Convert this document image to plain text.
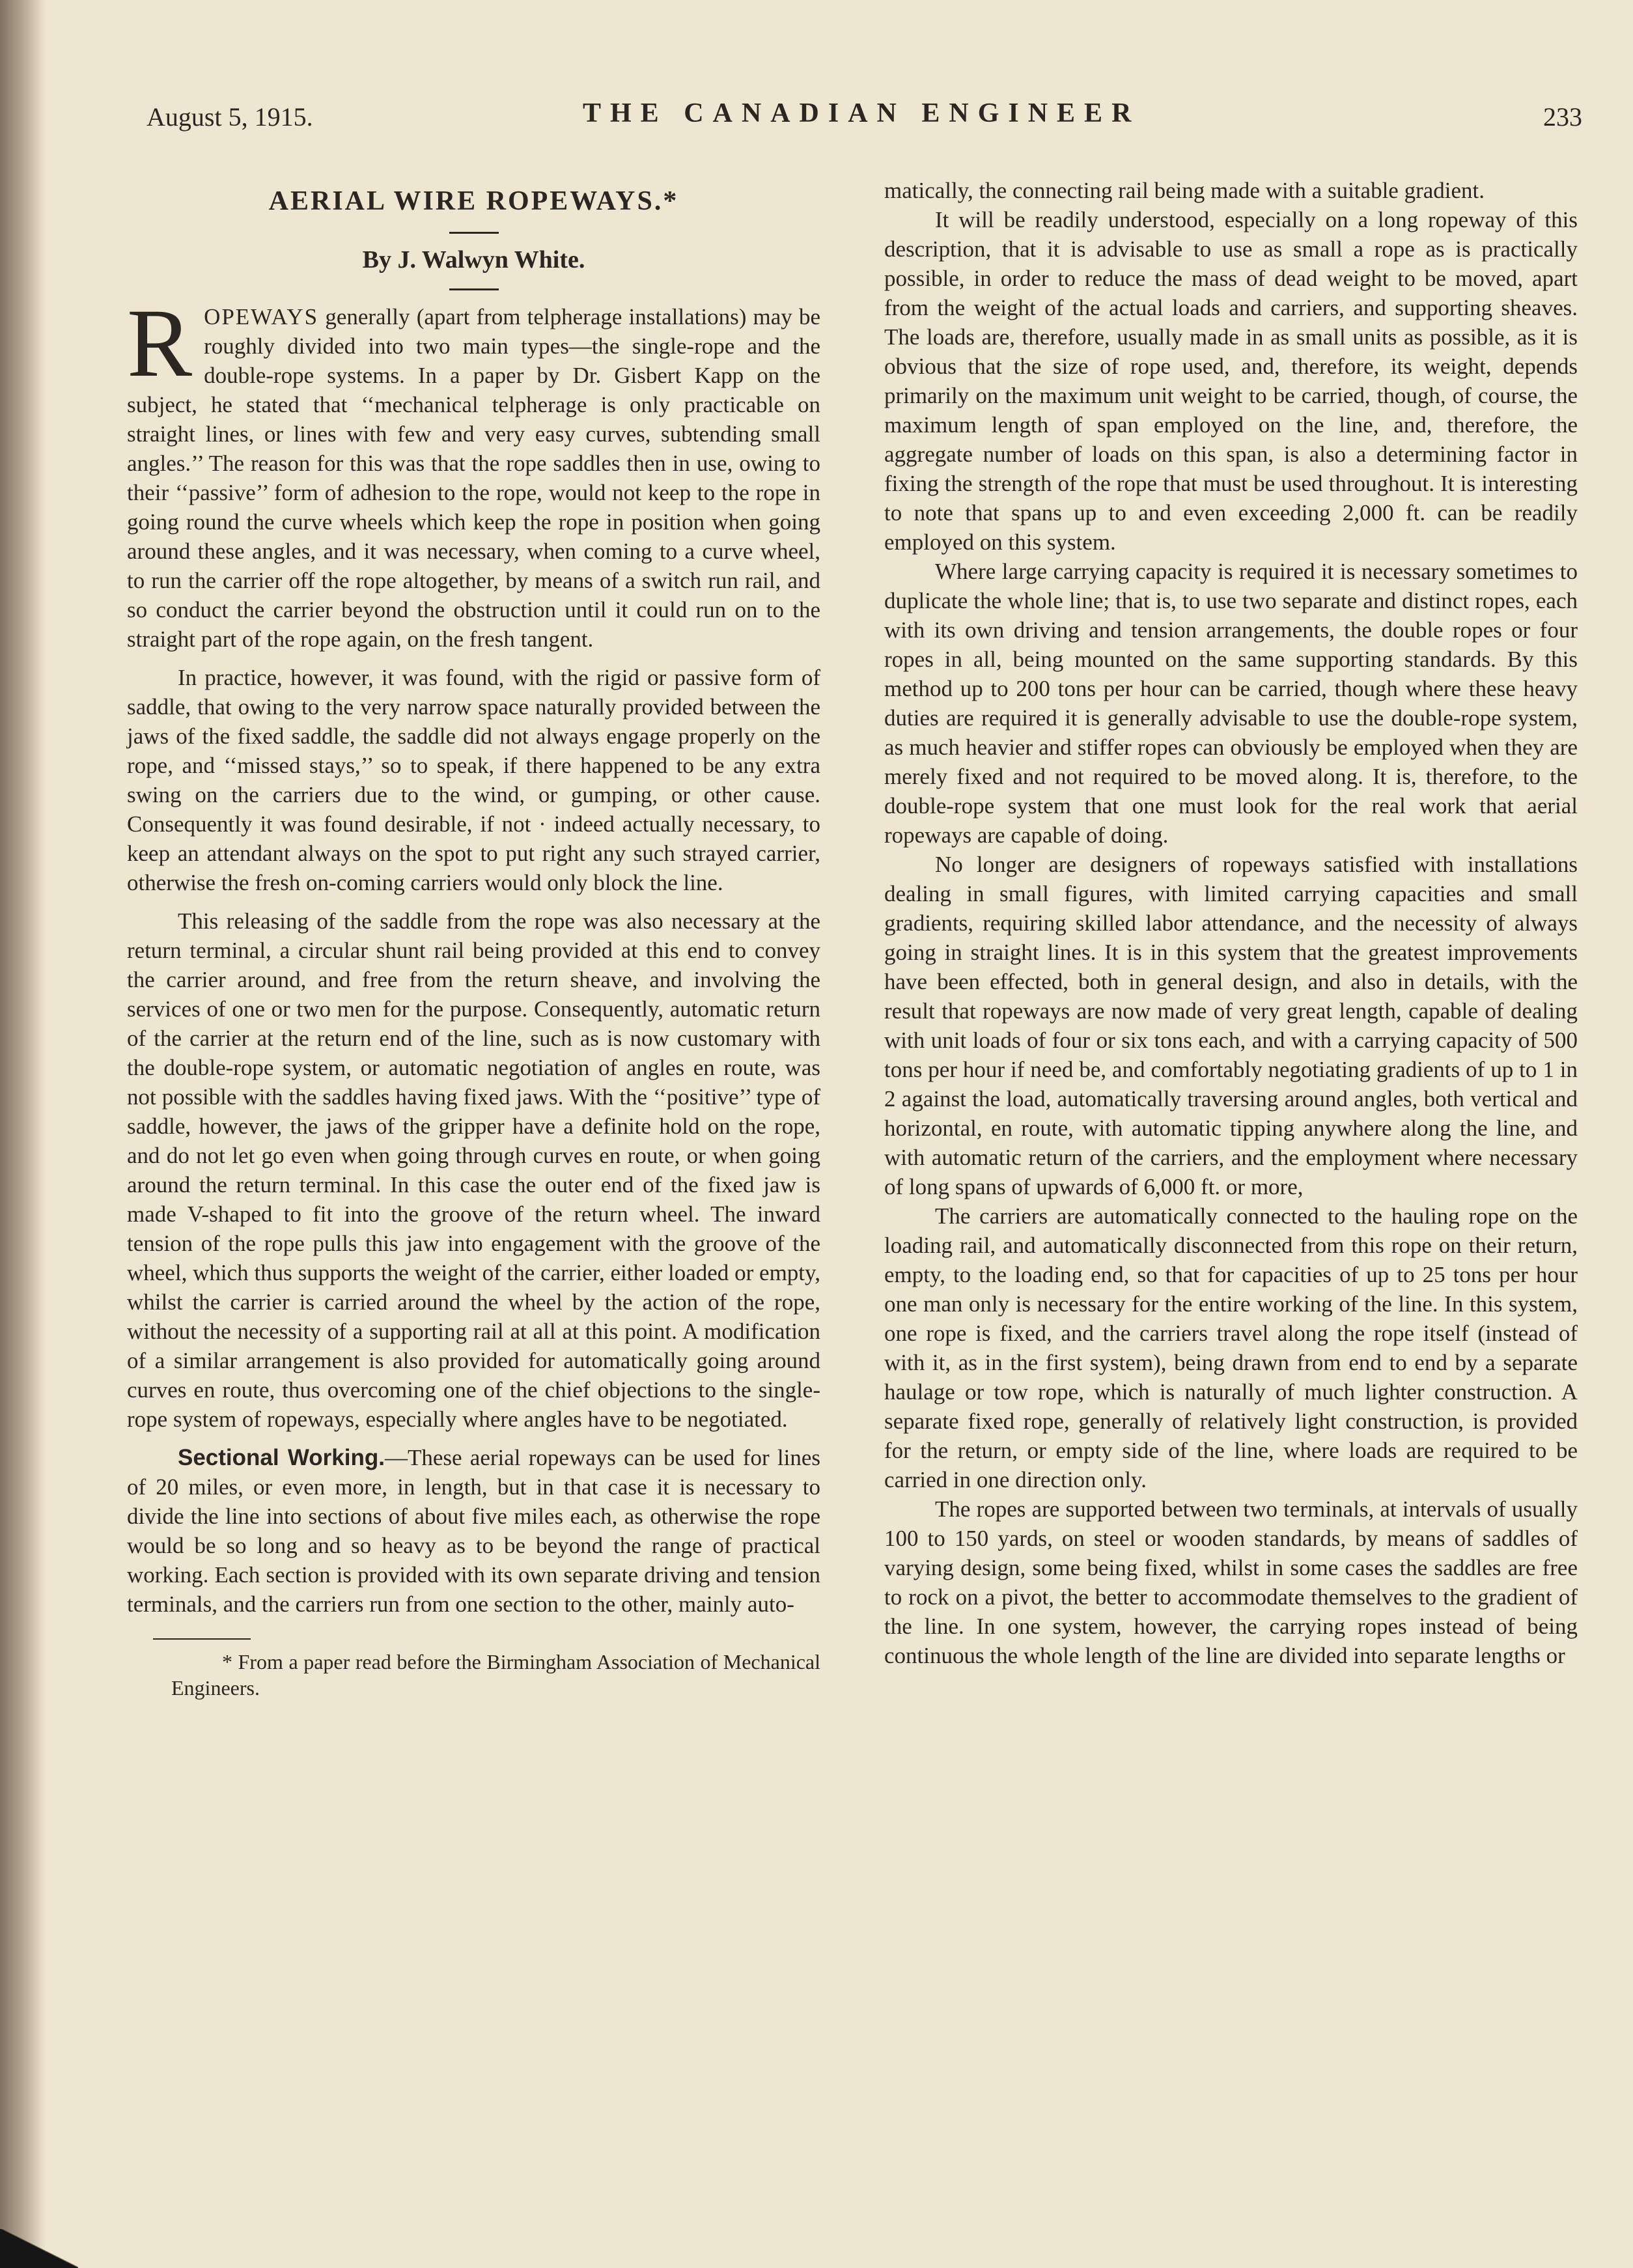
August 5, 1915.	THE CANADIAN ENGINEER	233
AERIAL WIRE ROPEWAYS.*
By J. Walwyn White.

ROPEWAYS generally (apart from telpherage installations) may be roughly divided into two main types—the single-rope and the double-rope systems. In a paper by Dr. Gisbert Kapp on the subject, he stated that ‘‘mechanical telpherage is only practicable on straight lines, or lines with few and very easy curves, subtending small angles.’’ The reason for this was that the rope saddles then in use, owing to their ‘‘passive’’ form of adhesion to the rope, would not keep to the rope in going round the curve wheels which keep the rope in position when going around these angles, and it was necessary, when coming to a curve wheel, to run the carrier off the rope altogether, by means of a switch run rail, and so conduct the carrier beyond the obstruction until it could run on to the straight part of the rope again, on the fresh tangent.

In practice, however, it was found, with the rigid or passive form of saddle, that owing to the very narrow space naturally provided between the jaws of the fixed saddle, the saddle did not always engage properly on the rope, and ‘‘missed stays,’’ so to speak, if there happened to be any extra swing on the carriers due to the wind, or gumping, or other cause. Consequently it was found desirable, if not · indeed actually necessary, to keep an attendant always on the spot to put right any such strayed carrier, otherwise the fresh on-coming carriers would only block the line.

This releasing of the saddle from the rope was also necessary at the return terminal, a circular shunt rail being provided at this end to convey the carrier around, and free from the return sheave, and involving the services of one or two men for the purpose. Consequently, automatic return of the carrier at the return end of the line, such as is now customary with the double-rope system, or automatic negotiation of angles en route, was not possible with the saddles having fixed jaws. With the ‘‘positive’’ type of saddle, however, the jaws of the gripper have a definite hold on the rope, and do not let go even when going through curves en route, or when going around the return terminal. In this case the outer end of the fixed jaw is made V-shaped to fit into the groove of the return wheel. The inward tension of the rope pulls this jaw into engagement with the groove of the wheel, which thus supports the weight of the carrier, either loaded or empty, whilst the carrier is carried around the wheel by the action of the rope, without the necessity of a supporting rail at all at this point. A modification of a similar arrangement is also provided for automatically going around curves en route, thus overcoming one of the chief objections to the single-rope system of ropeways, especially where angles have to be negotiated.

Sectional Working.—These aerial ropeways can be used for lines of 20 miles, or even more, in length, but in that case it is necessary to divide the line into sections of about five miles each, as otherwise the rope would be so long and so heavy as to be beyond the range of practical working. Each section is provided with its own separate driving and tension terminals, and the carriers run from one section to the other, mainly auto-

* From a paper read before the Birmingham Association of Mechanical Engineers.

matically, the connecting rail being made with a suitable gradient.

It will be readily understood, especially on a long ropeway of this description, that it is advisable to use as small a rope as is practically possible, in order to reduce the mass of dead weight to be moved, apart from the weight of the actual loads and carriers, and supporting sheaves. The loads are, therefore, usually made in as small units as possible, as it is obvious that the size of rope used, and, therefore, its weight, depends primarily on the maximum unit weight to be carried, though, of course, the maximum length of span employed on the line, and, therefore, the aggregate number of loads on this span, is also a determining factor in fixing the strength of the rope that must be used throughout. It is interesting to note that spans up to and even exceeding 2,000 ft. can be readily employed on this system.

Where large carrying capacity is required it is necessary sometimes to duplicate the whole line; that is, to use two separate and distinct ropes, each with its own driving and tension arrangements, the double ropes or four ropes in all, being mounted on the same supporting standards. By this method up to 200 tons per hour can be carried, though where these heavy duties are required it is generally advisable to use the double-rope system, as much heavier and stiffer ropes can obviously be employed when they are merely fixed and not required to be moved along. It is, therefore, to the double-rope system that one must look for the real work that aerial ropeways are capable of doing.

No longer are designers of ropeways satisfied with installations dealing in small figures, with limited carrying capacities and small gradients, requiring skilled labor attendance, and the necessity of always going in straight lines. It is in this system that the greatest improvements have been effected, both in general design, and also in details, with the result that ropeways are now made of very great length, capable of dealing with unit loads of four or six tons each, and with a carrying capacity of 500 tons per hour if need be, and comfortably negotiating gradients of up to 1 in 2 against the load, automatically traversing around angles, both vertical and horizontal, en route, with automatic tipping anywhere along the line, and with automatic return of the carriers, and the employment where necessary of long spans of upwards of 6,000 ft. or more,

The carriers are automatically connected to the hauling rope on the loading rail, and automatically disconnected from this rope on their return, empty, to the loading end, so that for capacities of up to 25 tons per hour one man only is necessary for the entire working of the line. In this system, one rope is fixed, and the carriers travel along the rope itself (instead of with it, as in the first system), being drawn from end to end by a separate haulage or tow rope, which is naturally of much lighter construction. A separate fixed rope, generally of relatively light construction, is provided for the return, or empty side of the line, where loads are required to be carried in one direction only.

The ropes are supported between two terminals, at intervals of usually 100 to 150 yards, on steel or wooden standards, by means of saddles of varying design, some being fixed, whilst in some cases the saddles are free to rock on a pivot, the better to accommodate themselves to the gradient of the line. In one system, however, the carrying ropes instead of being continuous the whole length of the line are divided into separate lengths or
